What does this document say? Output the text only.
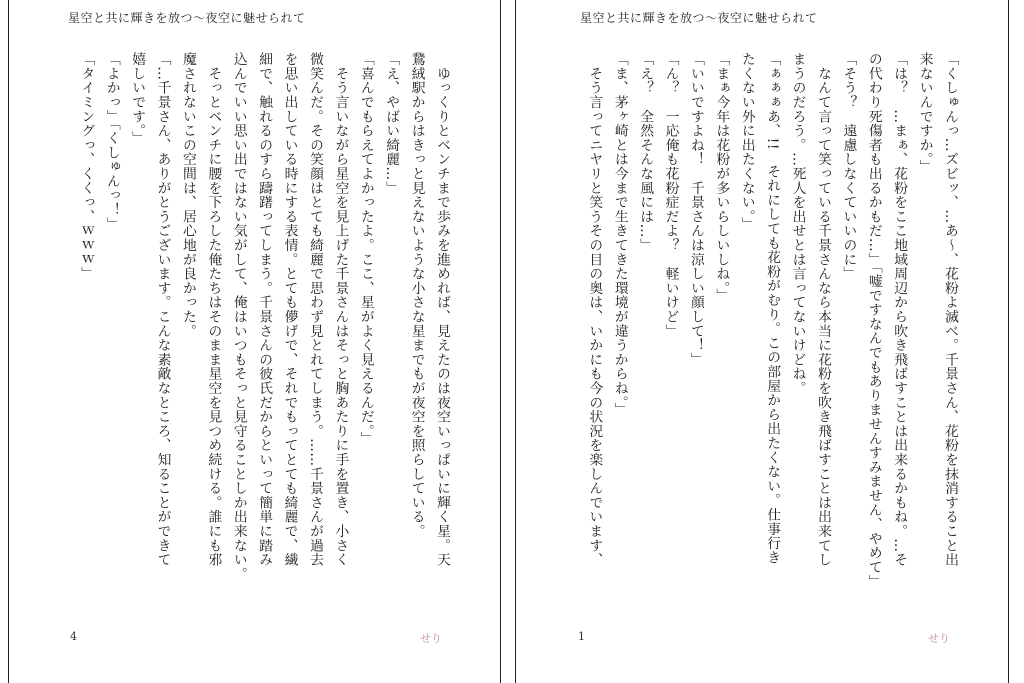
星空と共に輝きを放つ〜夜空に魅せられて
　ゆっくりとベンチまで歩みを進めれば、見えたのは夜空いっぱいに輝く星。天
鵞絨駅からはきっと見えないような小さな星までもが夜空を照らしている。
「え、やばい綺麗…」
「喜んでもらえてよかったよ。ここ、星がよく見えるんだ。」
　そう言いながら星空を見上げた千景さんはそっと胸あたりに手を置き、小さく
微笑んだ。その笑顔はとても綺麗で思わず見とれてしまう。……千景さんが過去
を思い出している時にする表情。とても儚げで、それでもってとても綺麗で、繊
細で、触れるのすら躊躇ってしまう。千景さんの彼氏だからといって簡単に踏み
込んでいい思い出ではない気がして、俺はいつもそっと見守ることしか出来ない。
　そっとベンチに腰を下ろした俺たちはそのまま星空を見つめ続ける。誰にも邪
魔されないこの空間は、居心地が良かった。
「…千景さん、ありがとうございます。こんな素敵なところ、知ることができて
嬉しいです。」
「よかっ」「くしゅんっ！」
「タイミングっ、くくっ、ｗｗｗ」
4	せり
星空と共に輝きを放つ〜夜空に魅せられて
「くしゅんっ…ズビッ、…あ〜、花粉よ滅べ。千景さん、花粉を抹消すること出
来ないんですか。」
「は？　…まぁ、花粉をここ地域周辺から吹き飛ばすことは出来るかもね。…そ
の代わり死傷者も出るかもだ…」「嘘ですなんでもありませんすみません、やめて」
「そう？　遠慮しなくていいのに」
　なんて言って笑っている千景さんなら本当に花粉を吹き飛ばすことは出来てし
まうのだろう。…死人を出せとは言ってないけどね。
「ぁぁぁあ、!!　それにしても花粉がむり。この部屋から出たくない。仕事行き
たくない外に出たくない。」
「まぁ今年は花粉が多いらしいしね。」
「いいですよね！　千景さんは涼しい顔して！」
「ん？　一応俺も花粉症だよ？　軽いけど」
「え？　全然そんな風には…」
「ま、茅ヶ崎とは今まで生きてきた環境が違うからね。」
　そう言ってニヤリと笑うその目の奥は、いかにも今の状況を楽しんでいます、
1	せり
